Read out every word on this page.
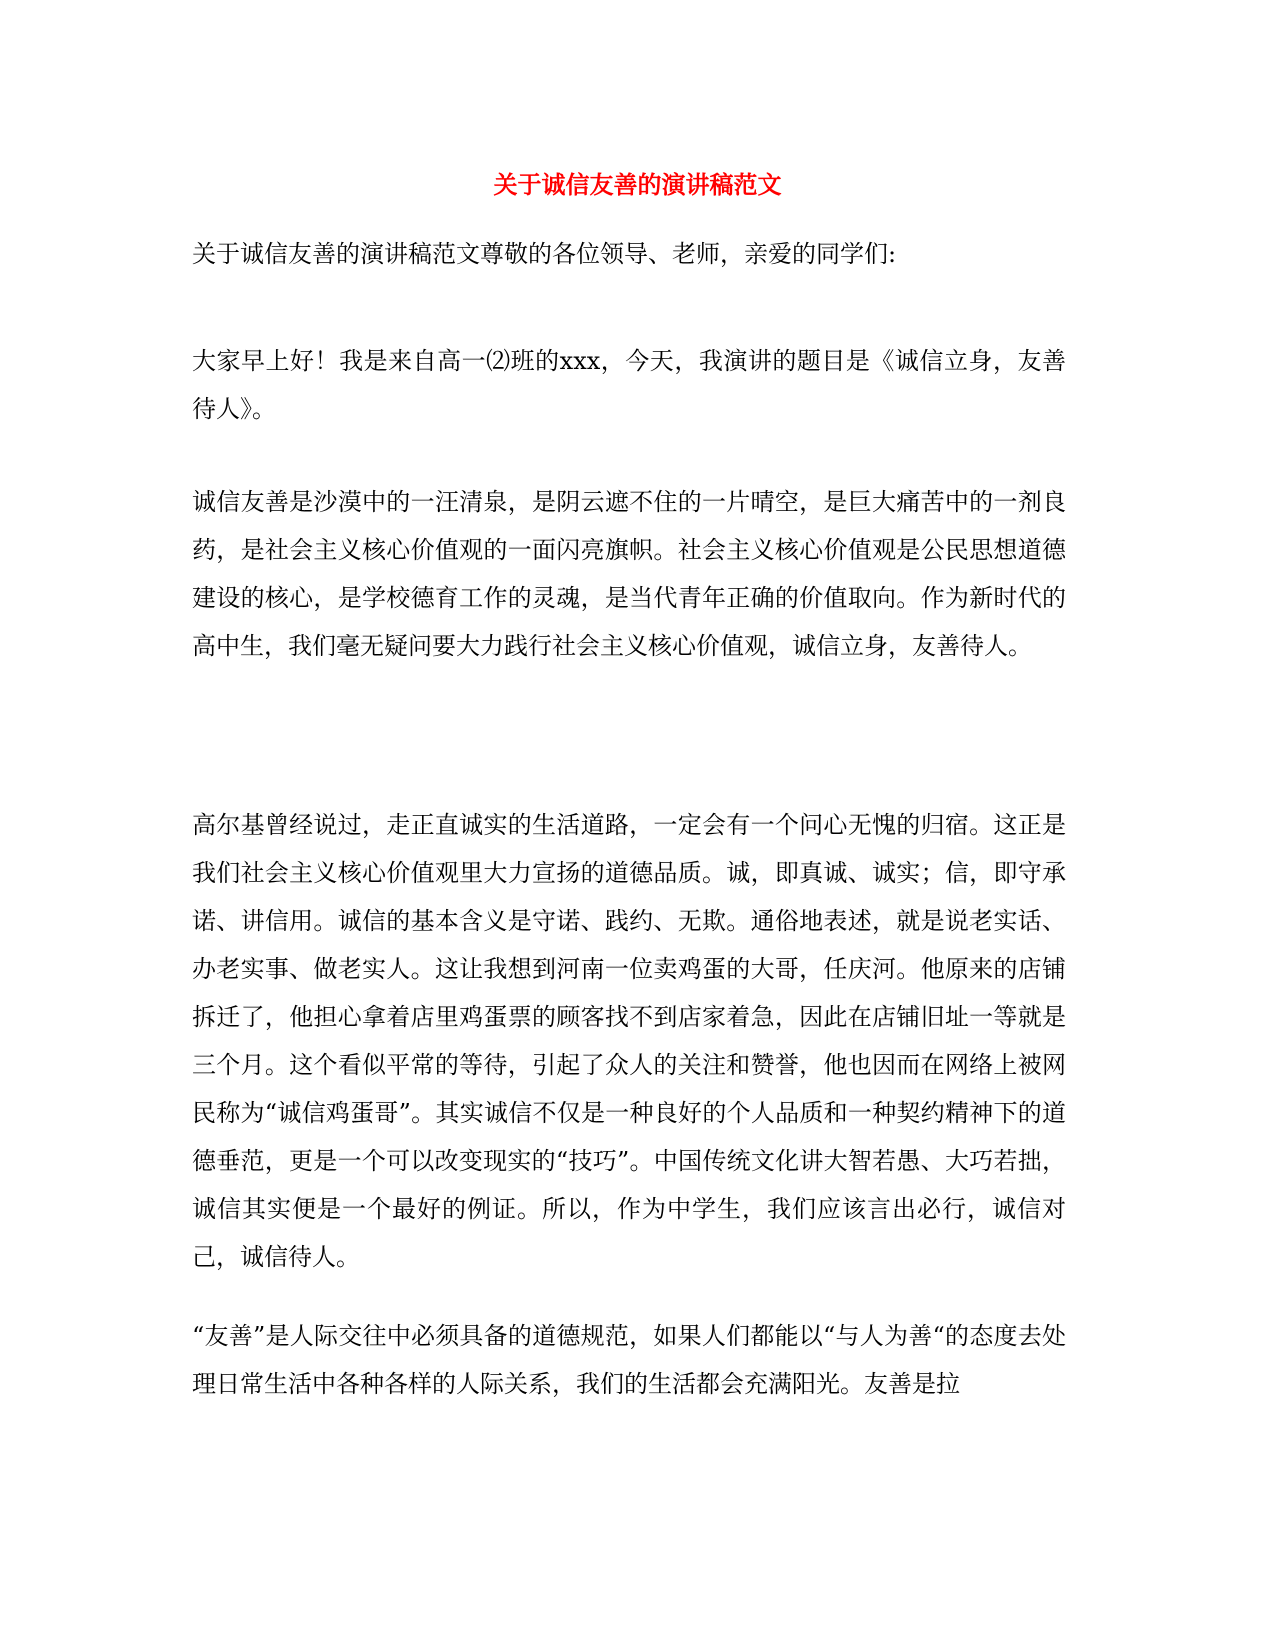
关于诚信友善的演讲稿范文

关于诚信友善的演讲稿范文尊敬的各位领导、老师，亲爱的同学们:

大家早上好！我是来自高一⑵班的xxx，今天，我演讲的题目是《诚信立身，友善待人》。

诚信友善是沙漠中的一汪清泉，是阴云遮不住的一片晴空，是巨大痛苦中的一剂良药，是社会主义核心价值观的一面闪亮旗帜。社会主义核心价值观是公民思想道德建设的核心，是学校德育工作的灵魂，是当代青年正确的价值取向。作为新时代的高中生，我们毫无疑问要大力践行社会主义核心价值观，诚信立身，友善待人。

高尔基曾经说过，走正直诚实的生活道路，一定会有一个问心无愧的归宿。这正是我们社会主义核心价值观里大力宣扬的道德品质。诚，即真诚、诚实；信，即守承诺、讲信用。诚信的基本含义是守诺、践约、无欺。通俗地表述，就是说老实话、办老实事、做老实人。这让我想到河南一位卖鸡蛋的大哥，任庆河。他原来的店铺拆迁了，他担心拿着店里鸡蛋票的顾客找不到店家着急，因此在店铺旧址一等就是三个月。这个看似平常的等待，引起了众人的关注和赞誉，他也因而在网络上被网民称为“诚信鸡蛋哥”。其实诚信不仅是一种良好的个人品质和一种契约精神下的道德垂范，更是一个可以改变现实的“技巧”。中国传统文化讲大智若愚、大巧若拙，诚信其实便是一个最好的例证。所以，作为中学生，我们应该言出必行，诚信对己，诚信待人。

“友善”是人际交往中必须具备的道德规范，如果人们都能以“与人为善“的态度去处理日常生活中各种各样的人际关系，我们的生活都会充满阳光。友善是拉
